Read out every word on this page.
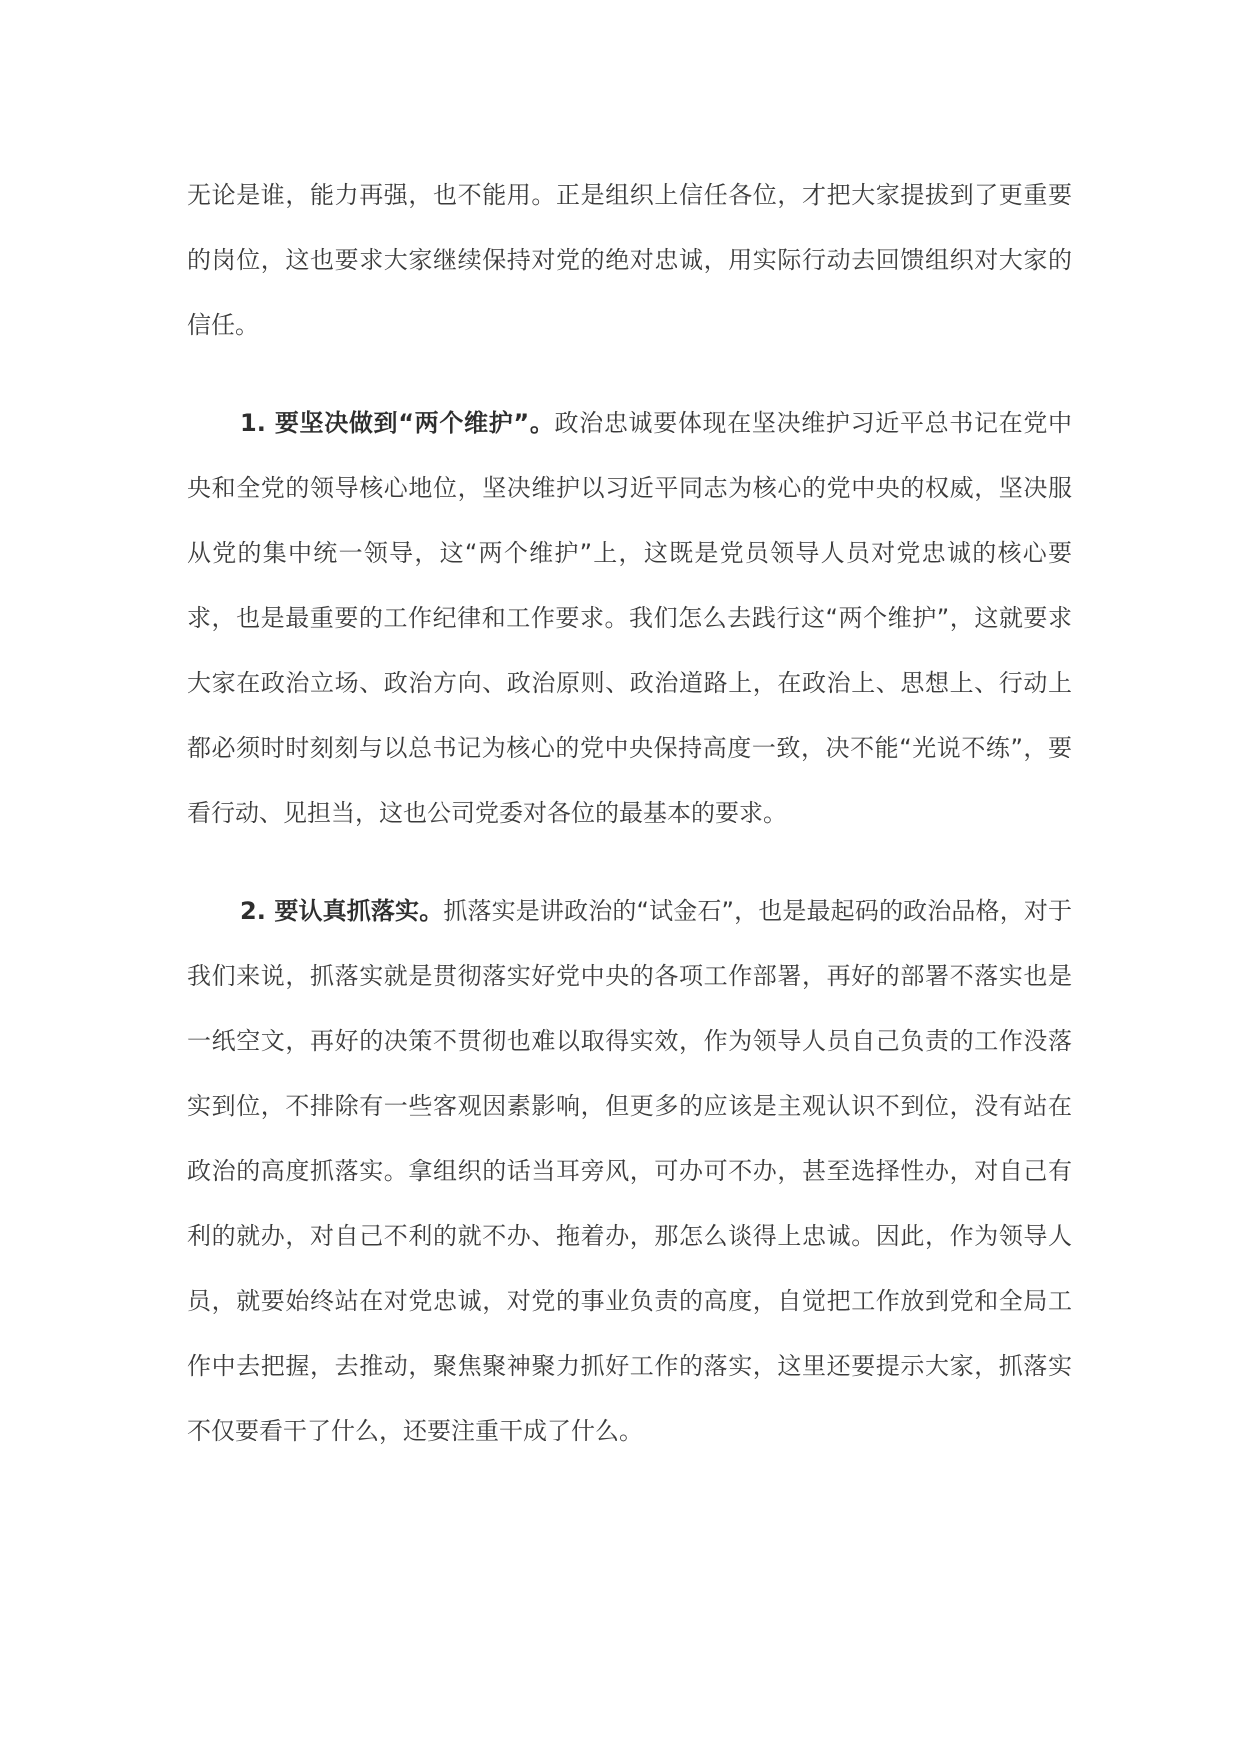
无论是谁，能力再强，也不能用。正是组织上信任各位，才把大家提拔到了更重要的岗位，这也要求大家继续保持对党的绝对忠诚，用实际行动去回馈组织对大家的信任。

1. 要坚决做到“两个维护”。政治忠诚要体现在坚决维护习近平总书记在党中央和全党的领导核心地位，坚决维护以习近平同志为核心的党中央的权威，坚决服从党的集中统一领导，这“两个维护”上，这既是党员领导人员对党忠诚的核心要求，也是最重要的工作纪律和工作要求。我们怎么去践行这“两个维护”，这就要求大家在政治立场、政治方向、政治原则、政治道路上，在政治上、思想上、行动上都必须时时刻刻与以总书记为核心的党中央保持高度一致，决不能“光说不练”，要看行动、见担当，这也公司党委对各位的最基本的要求。

2. 要认真抓落实。抓落实是讲政治的“试金石”，也是最起码的政治品格，对于我们来说，抓落实就是贯彻落实好党中央的各项工作部署，再好的部署不落实也是一纸空文，再好的决策不贯彻也难以取得实效，作为领导人员自己负责的工作没落实到位，不排除有一些客观因素影响，但更多的应该是主观认识不到位，没有站在政治的高度抓落实。拿组织的话当耳旁风，可办可不办，甚至选择性办，对自己有利的就办，对自己不利的就不办、拖着办，那怎么谈得上忠诚。因此，作为领导人员，就要始终站在对党忠诚，对党的事业负责的高度，自觉把工作放到党和全局工作中去把握，去推动，聚焦聚神聚力抓好工作的落实，这里还要提示大家，抓落实不仅要看干了什么，还要注重干成了什么。
